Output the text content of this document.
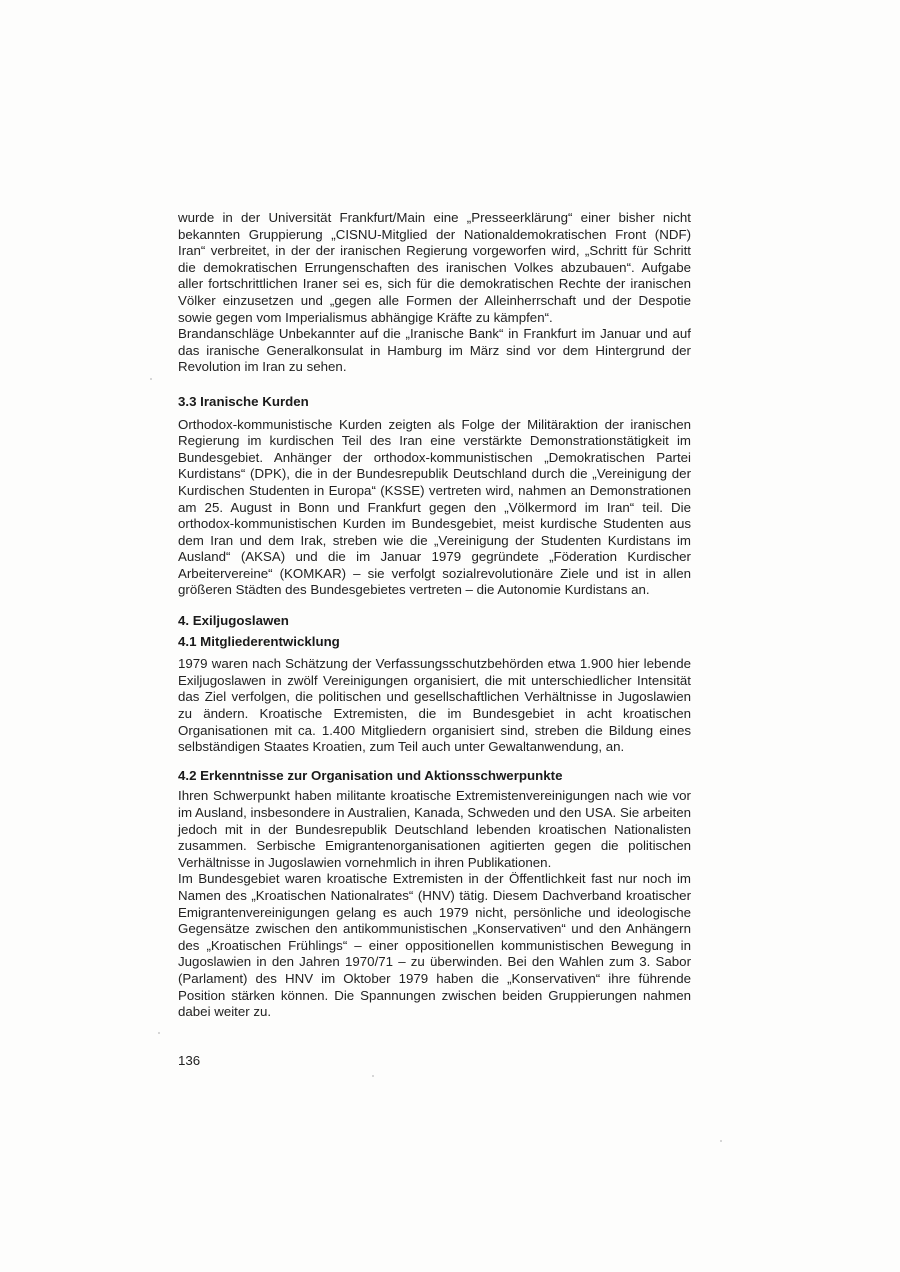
wurde in der Universität Frankfurt/Main eine „Presseerklärung“ einer bisher nicht bekannten Gruppierung „CISNU-Mitglied der Nationaldemokratischen Front (NDF) Iran“ verbreitet, in der der iranischen Regierung vorgeworfen wird, „Schritt für Schritt die demokratischen Errungenschaften des iranischen Volkes abzubauen“. Aufgabe aller fortschrittlichen Iraner sei es, sich für die demokratischen Rechte der iranischen Völker einzusetzen und „gegen alle Formen der Alleinherrschaft und der Despotie sowie gegen vom Imperialismus abhängige Kräfte zu kämpfen“.

Brandanschläge Unbekannter auf die „Iranische Bank“ in Frankfurt im Januar und auf das iranische Generalkonsulat in Hamburg im März sind vor dem Hintergrund der Revolution im Iran zu sehen.

3.3 Iranische Kurden

Orthodox-kommunistische Kurden zeigten als Folge der Militäraktion der iranischen Regierung im kurdischen Teil des Iran eine verstärkte Demonstrationstätigkeit im Bundesgebiet. Anhänger der orthodox-kommunistischen „Demokratischen Partei Kurdistans“ (DPK), die in der Bundesrepublik Deutschland durch die „Vereinigung der Kurdischen Studenten in Europa“ (KSSE) vertreten wird, nahmen an Demonstrationen am 25. August in Bonn und Frankfurt gegen den „Völkermord im Iran“ teil. Die orthodox-kommunistischen Kurden im Bundesgebiet, meist kurdische Studenten aus dem Iran und dem Irak, streben wie die „Vereinigung der Studenten Kurdistans im Ausland“ (AKSA) und die im Januar 1979 gegründete „Föderation Kurdischer Arbeitervereine“ (KOMKAR) – sie verfolgt sozialrevolutionäre Ziele und ist in allen größeren Städten des Bundesgebietes vertreten – die Autonomie Kurdistans an.

4. Exiljugoslawen
4.1 Mitgliederentwicklung

1979 waren nach Schätzung der Verfassungsschutzbehörden etwa 1.900 hier lebende Exiljugoslawen in zwölf Vereinigungen organisiert, die mit unterschiedlicher Intensität das Ziel verfolgen, die politischen und gesellschaftlichen Verhältnisse in Jugoslawien zu ändern. Kroatische Extremisten, die im Bundesgebiet in acht kroatischen Organisationen mit ca. 1.400 Mitgliedern organisiert sind, streben die Bildung eines selbständigen Staates Kroatien, zum Teil auch unter Gewaltanwendung, an.

4.2 Erkenntnisse zur Organisation und Aktionsschwerpunkte

Ihren Schwerpunkt haben militante kroatische Extremistenvereinigungen nach wie vor im Ausland, insbesondere in Australien, Kanada, Schweden und den USA. Sie arbeiten jedoch mit in der Bundesrepublik Deutschland lebenden kroatischen Nationalisten zusammen. Serbische Emigrantenorganisationen agitierten gegen die politischen Verhältnisse in Jugoslawien vornehmlich in ihren Publikationen.

Im Bundesgebiet waren kroatische Extremisten in der Öffentlichkeit fast nur noch im Namen des „Kroatischen Nationalrates“ (HNV) tätig. Diesem Dachverband kroatischer Emigrantenvereinigungen gelang es auch 1979 nicht, persönliche und ideologische Gegensätze zwischen den antikommunistischen „Konservativen“ und den Anhängern des „Kroatischen Frühlings“ – einer oppositionellen kommunistischen Bewegung in Jugoslawien in den Jahren 1970/71 – zu überwinden. Bei den Wahlen zum 3. Sabor (Parlament) des HNV im Oktober 1979 haben die „Konservativen“ ihre führende Position stärken können. Die Spannungen zwischen beiden Gruppierungen nahmen dabei weiter zu.

136
